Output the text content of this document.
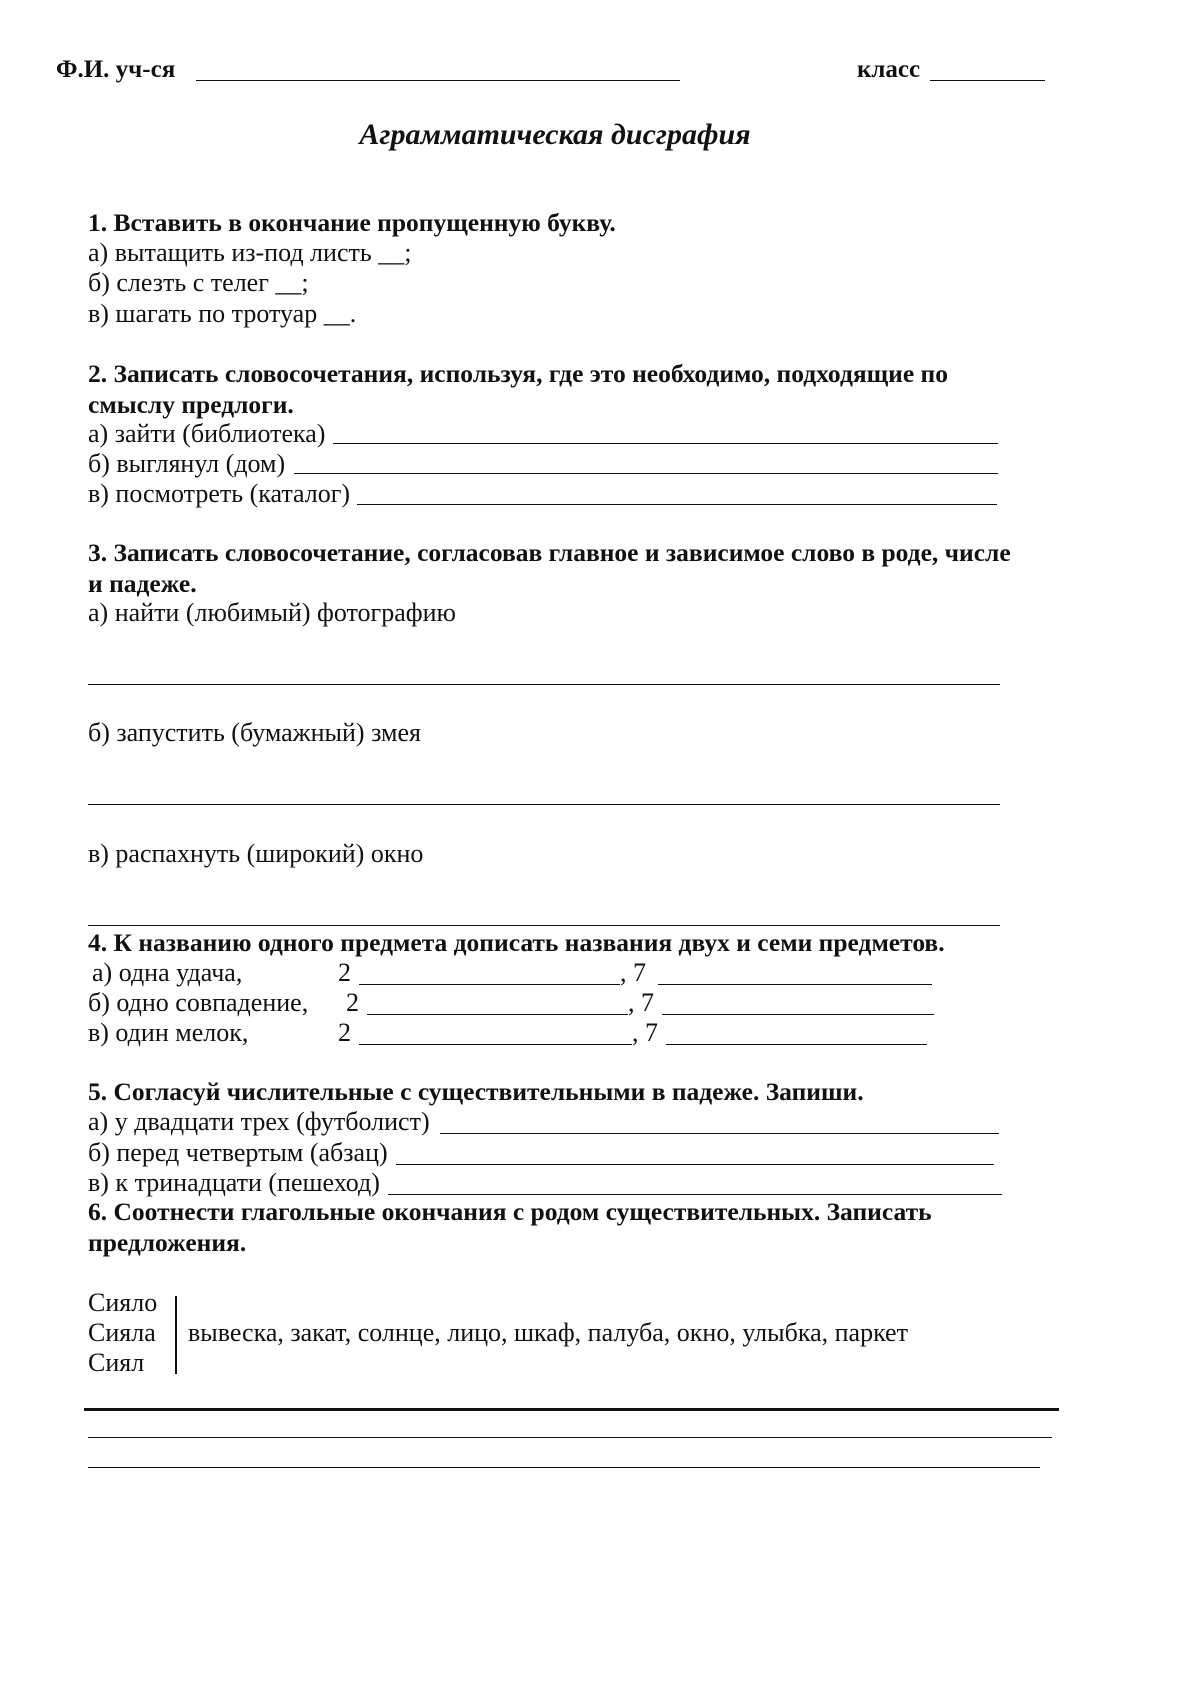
Ф.И. уч-ся	класс
Аграмматическая дисграфия
1. Вставить в окончание пропущенную букву.
а) вытащить из-под листь __;
б) слезть с телег __;
в) шагать по тротуар __.
2. Записать словосочетания, используя, где это необходимо, подходящие по
смыслу предлоги.
а) зайти (библиотека)
б) выглянул (дом)
в) посмотреть (каталог)
3. Записать словосочетание, согласовав главное и зависимое слово в роде, числе
и падеже.
а) найти (любимый) фотографию
б) запустить (бумажный) змея
в) распахнуть (широкий) окно
4. К названию одного предмета дописать названия двух и семи предметов.
а) одна удача,	2	, 7
б) одно совпадение, 2	, 7
в) один мелок,	2	, 7
5. Согласуй числительные с существительными в падеже. Запиши.
а) у двадцати трех (футболист)
б) перед четвертым (абзац)
в) к тринадцати (пешеход)
6. Соотнести глагольные окончания с родом существительных. Записать
предложения.
Сияло
Сияла
Сиял
вывеска, закат, солнце, лицо, шкаф, палуба, окно, улыбка, паркет
